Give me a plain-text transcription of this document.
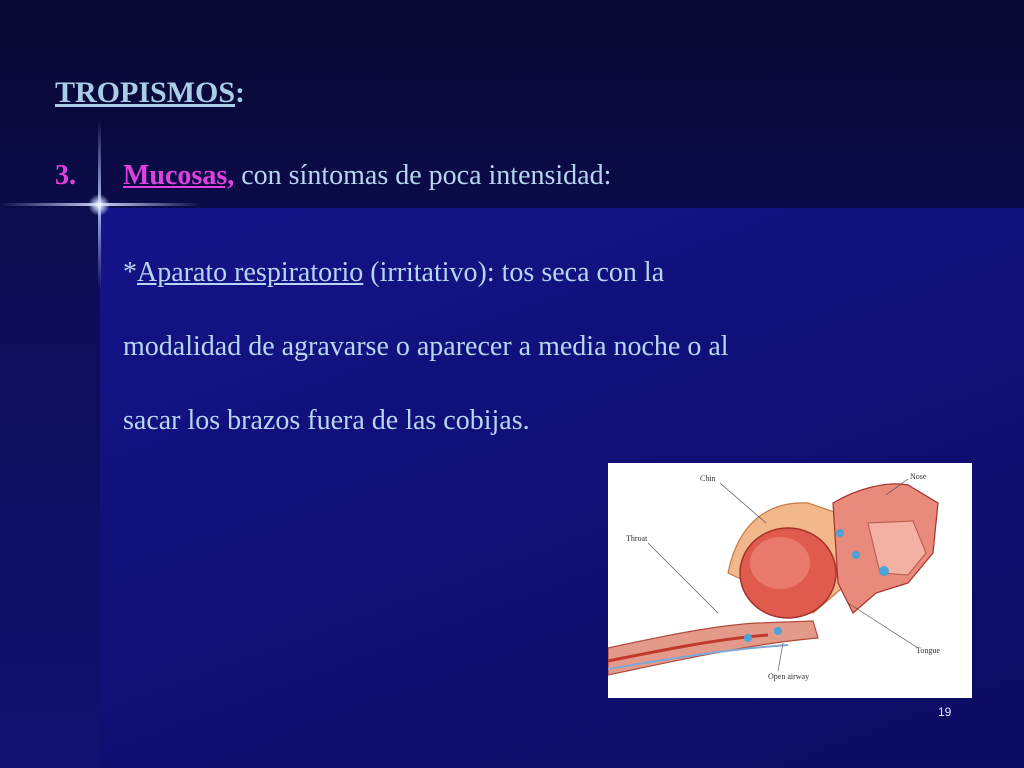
TROPISMOS:
3. Mucosas, con síntomas de poca intensidad:
*Aparato respiratorio (irritativo): tos seca con la
modalidad de agravarse o aparecer a media noche o al
sacar los brazos fuera de las cobijas.
Chin	Nose
Throat
Tongue
Open airway
19
